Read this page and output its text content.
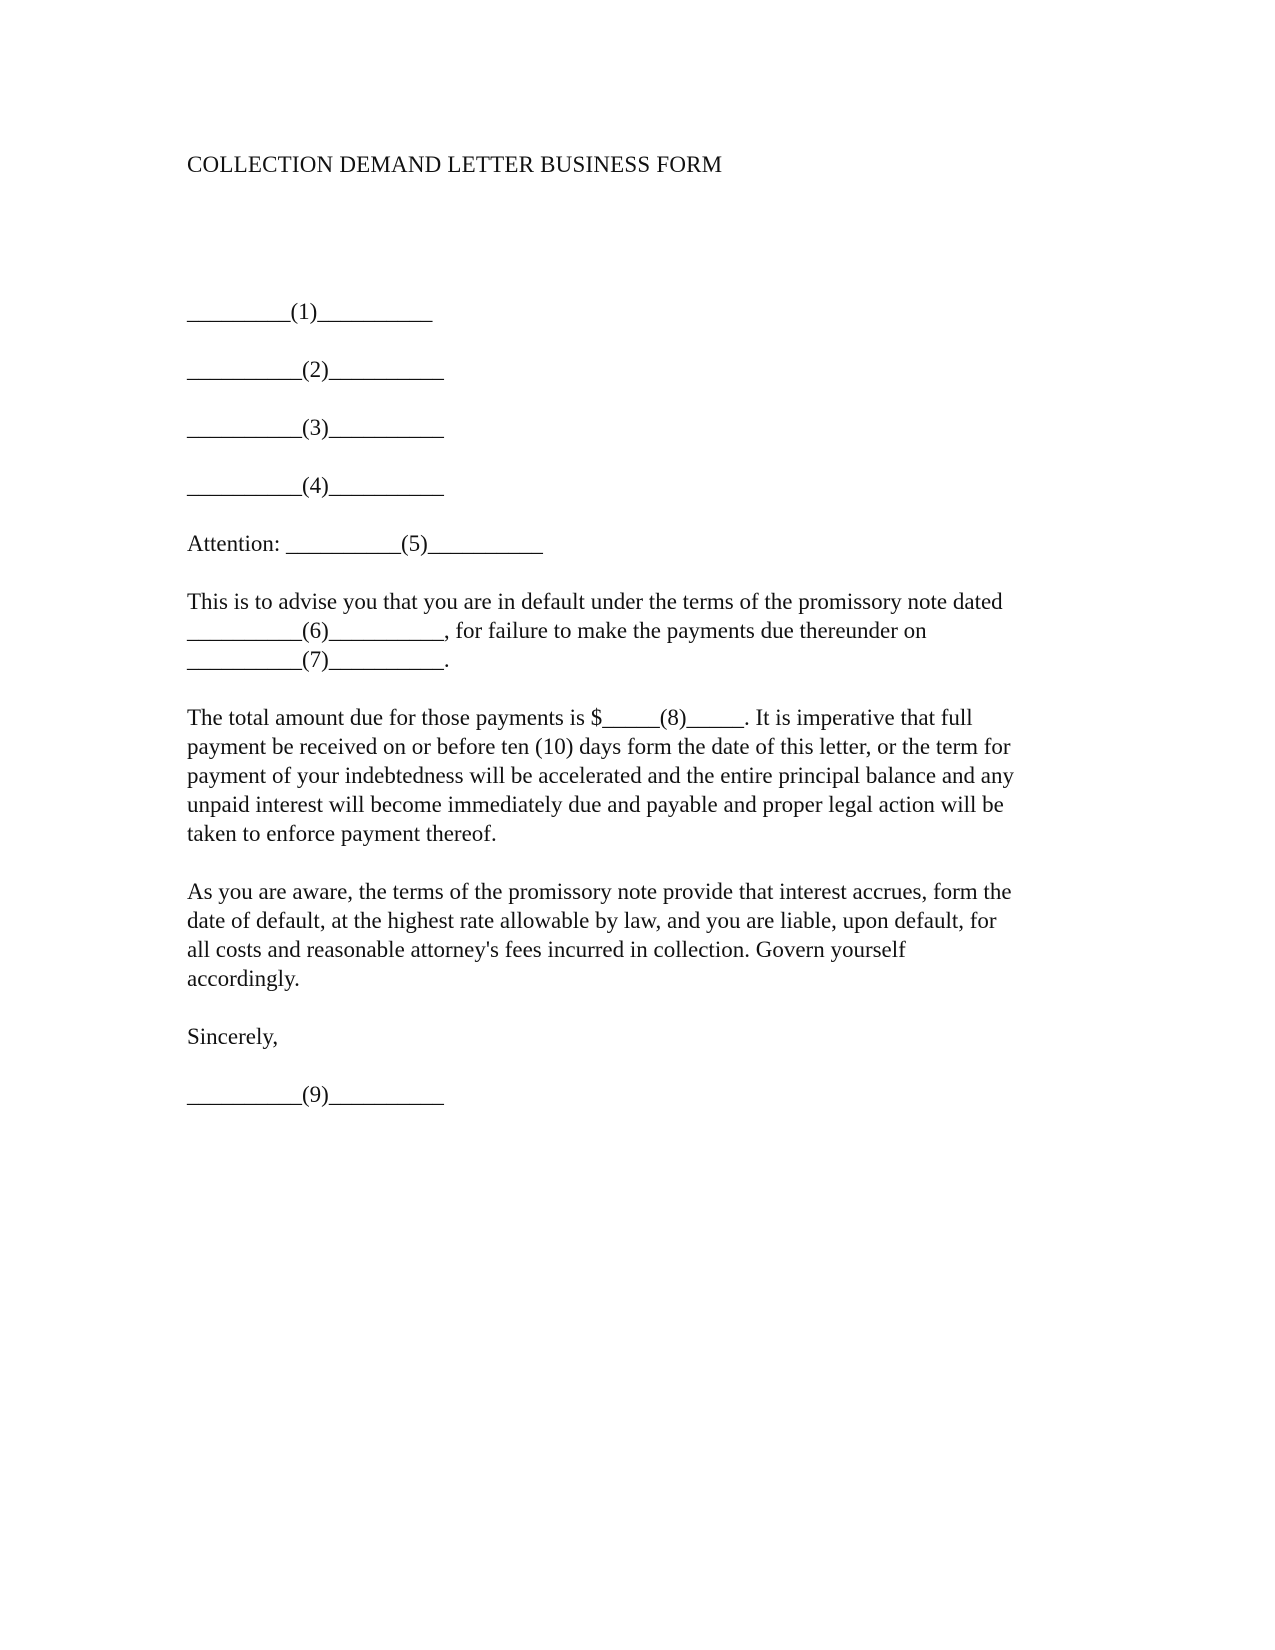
COLLECTION DEMAND LETTER BUSINESS FORM

_________(1)__________

__________(2)__________

__________(3)__________

__________(4)__________

Attention: __________(5)__________

This is to advise you that you are in default under the terms of the promissory note dated
__________(6)__________, for failure to make the payments due thereunder on
__________(7)__________.

The total amount due for those payments is $_____(8)_____. It is imperative that full
payment be received on or before ten (10) days form the date of this letter, or the term for
payment of your indebtedness will be accelerated and the entire principal balance and any
unpaid interest will become immediately due and payable and proper legal action will be
taken to enforce payment thereof.

As you are aware, the terms of the promissory note provide that interest accrues, form the
date of default, at the highest rate allowable by law, and you are liable, upon default, for
all costs and reasonable attorney's fees incurred in collection. Govern yourself
accordingly.

Sincerely,

__________(9)__________
